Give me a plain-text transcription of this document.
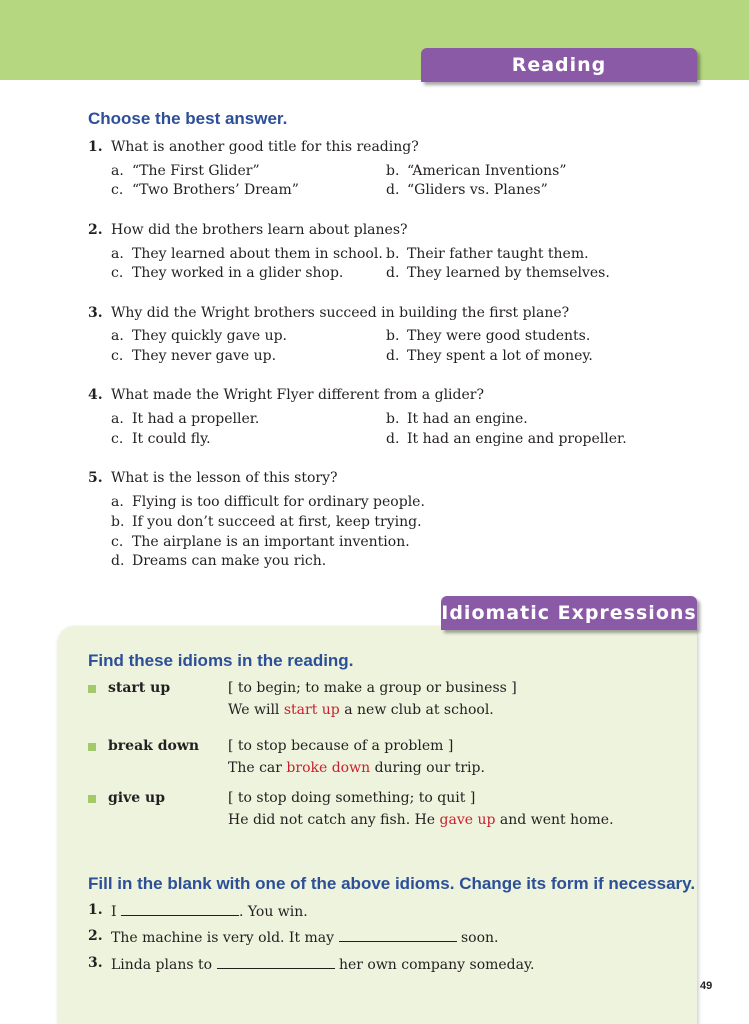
Reading Comprehension
Choose the best answer.
1. What is another good title for this reading?
a. “The First Glider”	b. “American Inventions”
c. “Two Brothers’ Dream”	d. “Gliders vs. Planes”
2. How did the brothers learn about planes?
a. They learned about them in school. b. Their father taught them.
c. They worked in a glider shop.	d. They learned by themselves.
3. Why did the Wright brothers succeed in building the first plane?
a. They quickly gave up.	b. They were good students.
c. They never gave up.	d. They spent a lot of money.
4. What made the Wright Flyer different from a glider?
a. It had a propeller.	b. It had an engine.
c. It could fly.	d. It had an engine and propeller.
5. What is the lesson of this story?
a. Flying is too difficult for ordinary people.
b. If you don’t succeed at first, keep trying.
c. The airplane is an important invention.
d. Dreams can make you rich.
Idiomatic Expressions
Find these idioms in the reading.
start up	[ to begin; to make a group or business ]
We will start up a new club at school.
break down [ to stop because of a problem ]
The car broke down during our trip.
give up	[ to stop doing something; to quit ]
He did not catch any fish. He gave up and went home.
Fill in the blank with one of the above idioms. Change its form if necessary.
1. I	. You win.
2. The machine is very old. It may	soon.
3. Linda plans to	her own company someday.
49
